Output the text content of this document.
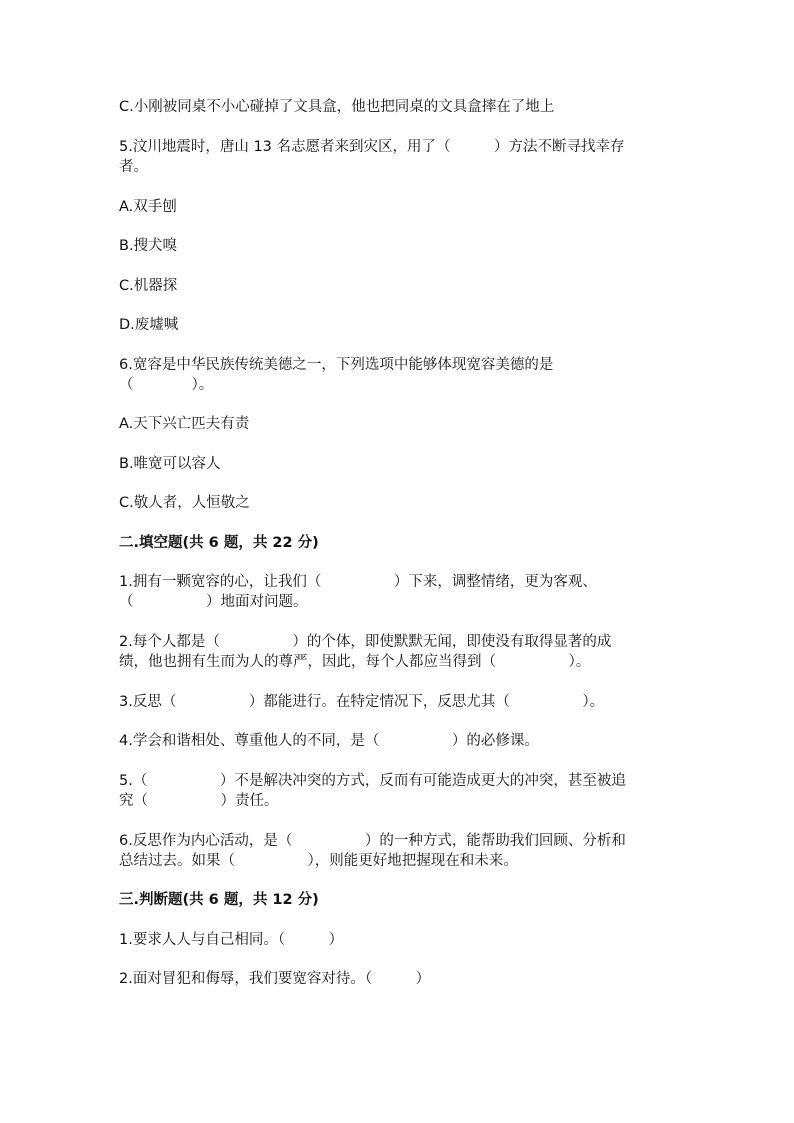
C.小刚被同桌不小心碰掉了文具盒，他也把同桌的文具盒摔在了地上
5.汶川地震时，唐山 13 名志愿者来到灾区，用了（　　　）方法不断寻找幸存
者。
A.双手刨
B.搜犬嗅
C.机器探
D.废墟喊
6.宽容是中华民族传统美德之一，下列选项中能够体现宽容美德的是
（　　　　）。
A.天下兴亡匹夫有责
B.唯宽可以容人
C.敬人者，人恒敬之
二.填空题(共 6 题，共 22 分)
1.拥有一颗宽容的心，让我们（　　　　　）下来，调整情绪，更为客观、
（　　　　　）地面对问题。
2.每个人都是（　　　　　）的个体，即使默默无闻，即使没有取得显著的成
绩，他也拥有生而为人的尊严，因此，每个人都应当得到（　　　　　）。
3.反思（　　　　　）都能进行。在特定情况下，反思尤其（　　　　　）。
4.学会和谐相处、尊重他人的不同，是（　　　　　）的必修课。
5.（　　　　　）不是解决冲突的方式，反而有可能造成更大的冲突，甚至被追
究（　　　　　）责任。
6.反思作为内心活动，是（　　　　　）的一种方式，能帮助我们回顾、分析和
总结过去。如果（　　　　　），则能更好地把握现在和未来。
三.判断题(共 6 题，共 12 分)
1.要求人人与自己相同。（　　　）
2.面对冒犯和侮辱，我们要宽容对待。（　　　）
